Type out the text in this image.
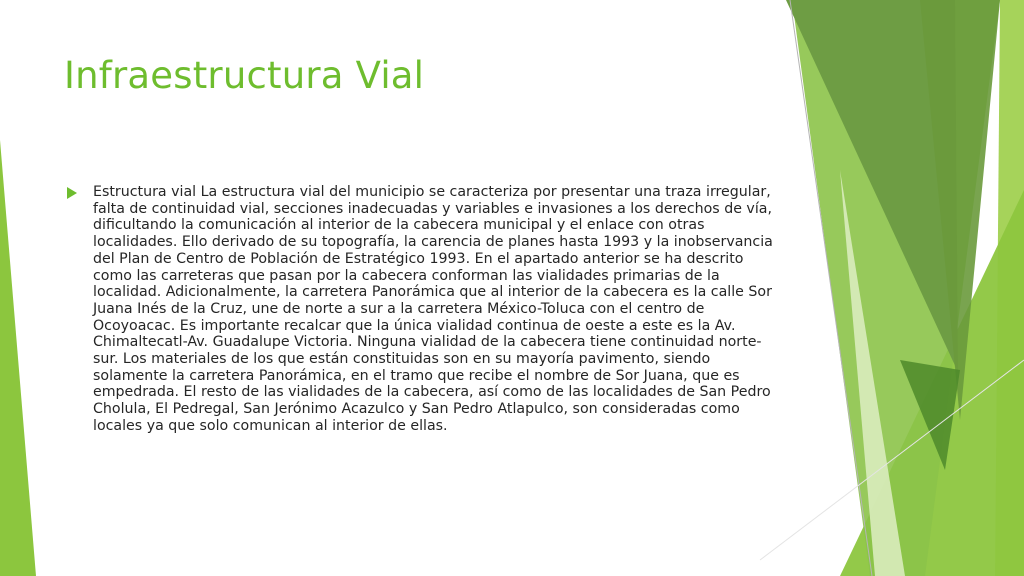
Infraestructura Vial

Estructura vial La estructura vial del municipio se caracteriza por presentar una traza irregular, falta de continuidad vial, secciones inadecuadas y variables e invasiones a los derechos de vía, dificultando la comunicación al interior de la cabecera municipal y el enlace con otras localidades. Ello derivado de su topografía, la carencia de planes hasta 1993 y la inobservancia del Plan de Centro de Población de Estratégico 1993. En el apartado anterior se ha descrito como las carreteras que pasan por la cabecera conforman las vialidades primarias de la localidad. Adicionalmente, la carretera Panorámica que al interior de la cabecera es la calle Sor Juana Inés de la Cruz, une de norte a sur a la carretera México-Toluca con el centro de Ocoyoacac. Es importante recalcar que la única vialidad continua de oeste a este es la Av. Chimaltecatl-Av. Guadalupe Victoria. Ninguna vialidad de la cabecera tiene continuidad norte-sur. Los materiales de los que están constituidas son en su mayoría pavimento, siendo solamente la carretera Panorámica, en el tramo que recibe el nombre de Sor Juana, que es empedrada. El resto de las vialidades de la cabecera, así como de las localidades de San Pedro Cholula, El Pedregal, San Jerónimo Acazulco y San Pedro Atlapulco, son consideradas como locales ya que solo comunican al interior de ellas.
